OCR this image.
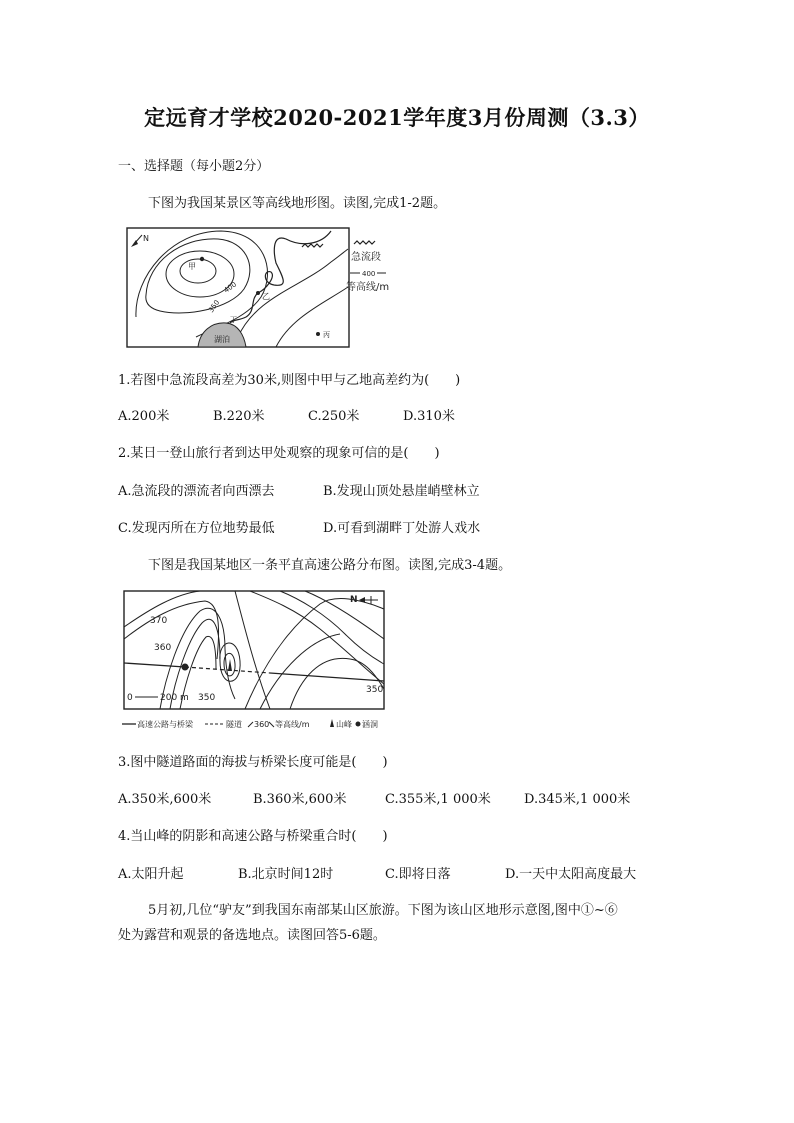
定远育才学校2020-2021学年度3月份周测（3.3）
一、选择题（每小题2分）
下图为我国某景区等高线地形图。读图,完成1-2题。
N
甲
400
350
乙
湖泊
丁
丙
急流段
400
等高线/m
1.若图中急流段高差为30米,则图中甲与乙地高差约为(　　)
A.200米	B.220米	C.250米	D.310米
2.某日一登山旅行者到达甲处观察的现象可信的是(　　)
A.急流段的漂流者向西漂去	B.发现山顶处悬崖峭壁林立
C.发现丙所在方位地势最低	D.可看到湖畔丁处游人戏水
下图是我国某地区一条平直高速公路分布图。读图,完成3-4题。
370
360
350
350
N
0	200 m
高速公路与桥梁	隧道 360 等高线/m	山峰 涵洞
3.图中隧道路面的海拔与桥梁长度可能是(　　)
A.350米,600米	B.360米,600米	C.355米,1 000米	D.345米,1 000米
4.当山峰的阴影和高速公路与桥梁重合时(　　)
A.太阳升起	B.北京时间12时	C.即将日落	D.一天中太阳高度最大
5月初,几位“驴友”到我国东南部某山区旅游。下图为该山区地形示意图,图中①~⑥
处为露营和观景的备选地点。读图回答5-6题。
